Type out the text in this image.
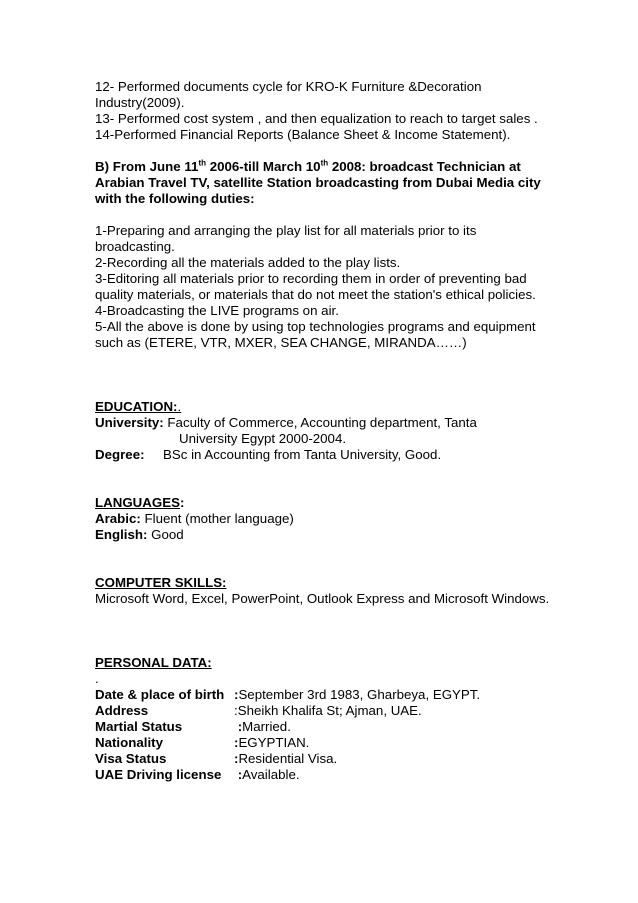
12- Performed documents cycle for KRO-K Furniture &Decoration
Industry(2009).
13- Performed cost system , and then equalization to reach to target sales .
14-Performed Financial Reports (Balance Sheet & Income Statement).
B) From June 11th 2006-till March 10th 2008: broadcast Technician at
Arabian Travel TV, satellite Station broadcasting from Dubai Media city
with the following duties:
1-Preparing and arranging the play list for all materials prior to its
broadcasting.
2-Recording all the materials added to the play lists.
3-Editoring all materials prior to recording them in order of preventing bad
quality materials, or materials that do not meet the station's ethical policies.
4-Broadcasting the LIVE programs on air.
5-All the above is done by using top technologies programs and equipment
such as (ETERE, VTR, MXER, SEA CHANGE, MIRANDA……)
EDUCATION:.
University: Faculty of Commerce, Accounting department, Tanta
University Egypt 2000-2004.
Degree: BSc in Accounting from Tanta University, Good.
LANGUAGES:
Arabic: Fluent (mother language)
English: Good
COMPUTER SKILLS:
Microsoft Word, Excel, PowerPoint, Outlook Express and Microsoft Windows.
PERSONAL DATA:
.
Date & place of birth : September 3rd 1983, Gharbeya, EGYPT.
Address	: Sheikh Khalifa St; Ajman, UAE.
Martial Status	: Married.
Nationality	: EGYPTIAN.
Visa Status	: Residential Visa.
UAE Driving license : Available.
